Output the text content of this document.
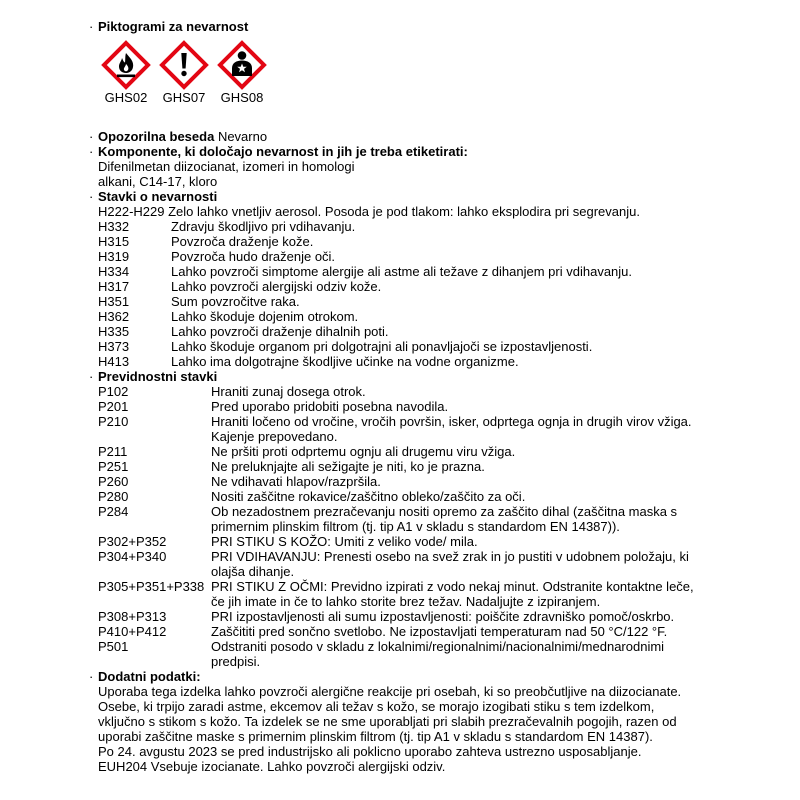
· Piktogrami za nevarnost
GHS02	GHS07	GHS08
· Opozorilna beseda Nevarno
· Komponente, ki določajo nevarnost in jih je treba etiketirati:
Difenilmetan diizocianat, izomeri in homologi
alkani, C14-17, kloro
· Stavki o nevarnosti
H222-H229 Zelo lahko vnetljiv aerosol. Posoda je pod tlakom: lahko eksplodira pri segrevanju.
H332	Zdravju škodljivo pri vdihavanju.
H315	Povzroča draženje kože.
H319	Povzroča hudo draženje oči.
H334	Lahko povzroči simptome alergije ali astme ali težave z dihanjem pri vdihavanju.
H317	Lahko povzroči alergijski odziv kože.
H351	Sum povzročitve raka.
H362	Lahko škoduje dojenim otrokom.
H335	Lahko povzroči draženje dihalnih poti.
H373	Lahko škoduje organom pri dolgotrajni ali ponavljajoči se izpostavljenosti.
H413	Lahko ima dolgotrajne škodljive učinke na vodne organizme.
· Previdnostni stavki
P102	Hraniti zunaj dosega otrok.

P201	Pred uporabo pridobiti posebna navodila.

P210	Hraniti ločeno od vročine, vročih površin, isker, odprtega ognja in drugih virov vžiga.
Kajenje prepovedano.

P211	Ne pršiti proti odprtemu ognju ali drugemu viru vžiga.

P251	Ne preluknjajte ali sežigajte je niti, ko je prazna.

P260	Ne vdihavati hlapov/razpršila.

P280	Nositi zaščitne rokavice/zaščitno obleko/zaščito za oči.

P284	Ob nezadostnem prezračevanju nositi opremo za zaščito dihal (zaščitna maska s
primernim plinskim filtrom (tj. tip A1 v skladu s standardom EN 14387)).

P302+P352	PRI STIKU S KOŽO: Umiti z veliko vode/ mila.

P304+P340	PRI VDIHAVANJU: Prenesti osebo na svež zrak in jo pustiti v udobnem položaju, ki
olajša dihanje.

P305+P351+P338	PRI STIKU Z OČMI: Previdno izpirati z vodo nekaj minut. Odstranite kontaktne leče,
če jih imate in če to lahko storite brez težav. Nadaljujte z izpiranjem.

P308+P313	PRI izpostavljenosti ali sumu izpostavljenosti: poiščite zdravniško pomoč/oskrbo.

P410+P412	Zaščititi pred sončno svetlobo. Ne izpostavljati temperaturam nad 50 °C/122 °F.

P501	Odstraniti posodo v skladu z lokalnimi/regionalnimi/nacionalnimi/mednarodnimi
predpisi.
· Dodatni podatki:
Uporaba tega izdelka lahko povzroči alergične reakcije pri osebah, ki so preobčutljive na diizocianate.
Osebe, ki trpijo zaradi astme, ekcemov ali težav s kožo, se morajo izogibati stiku s tem izdelkom,
vključno s stikom s kožo. Ta izdelek se ne sme uporabljati pri slabih prezračevalnih pogojih, razen od
uporabi zaščitne maske s primernim plinskim filtrom (tj. tip A1 v skladu s standardom EN 14387).
Po 24. avgustu 2023 se pred industrijsko ali poklicno uporabo zahteva ustrezno usposabljanje.
EUH204 Vsebuje izocianate. Lahko povzroči alergijski odziv.
